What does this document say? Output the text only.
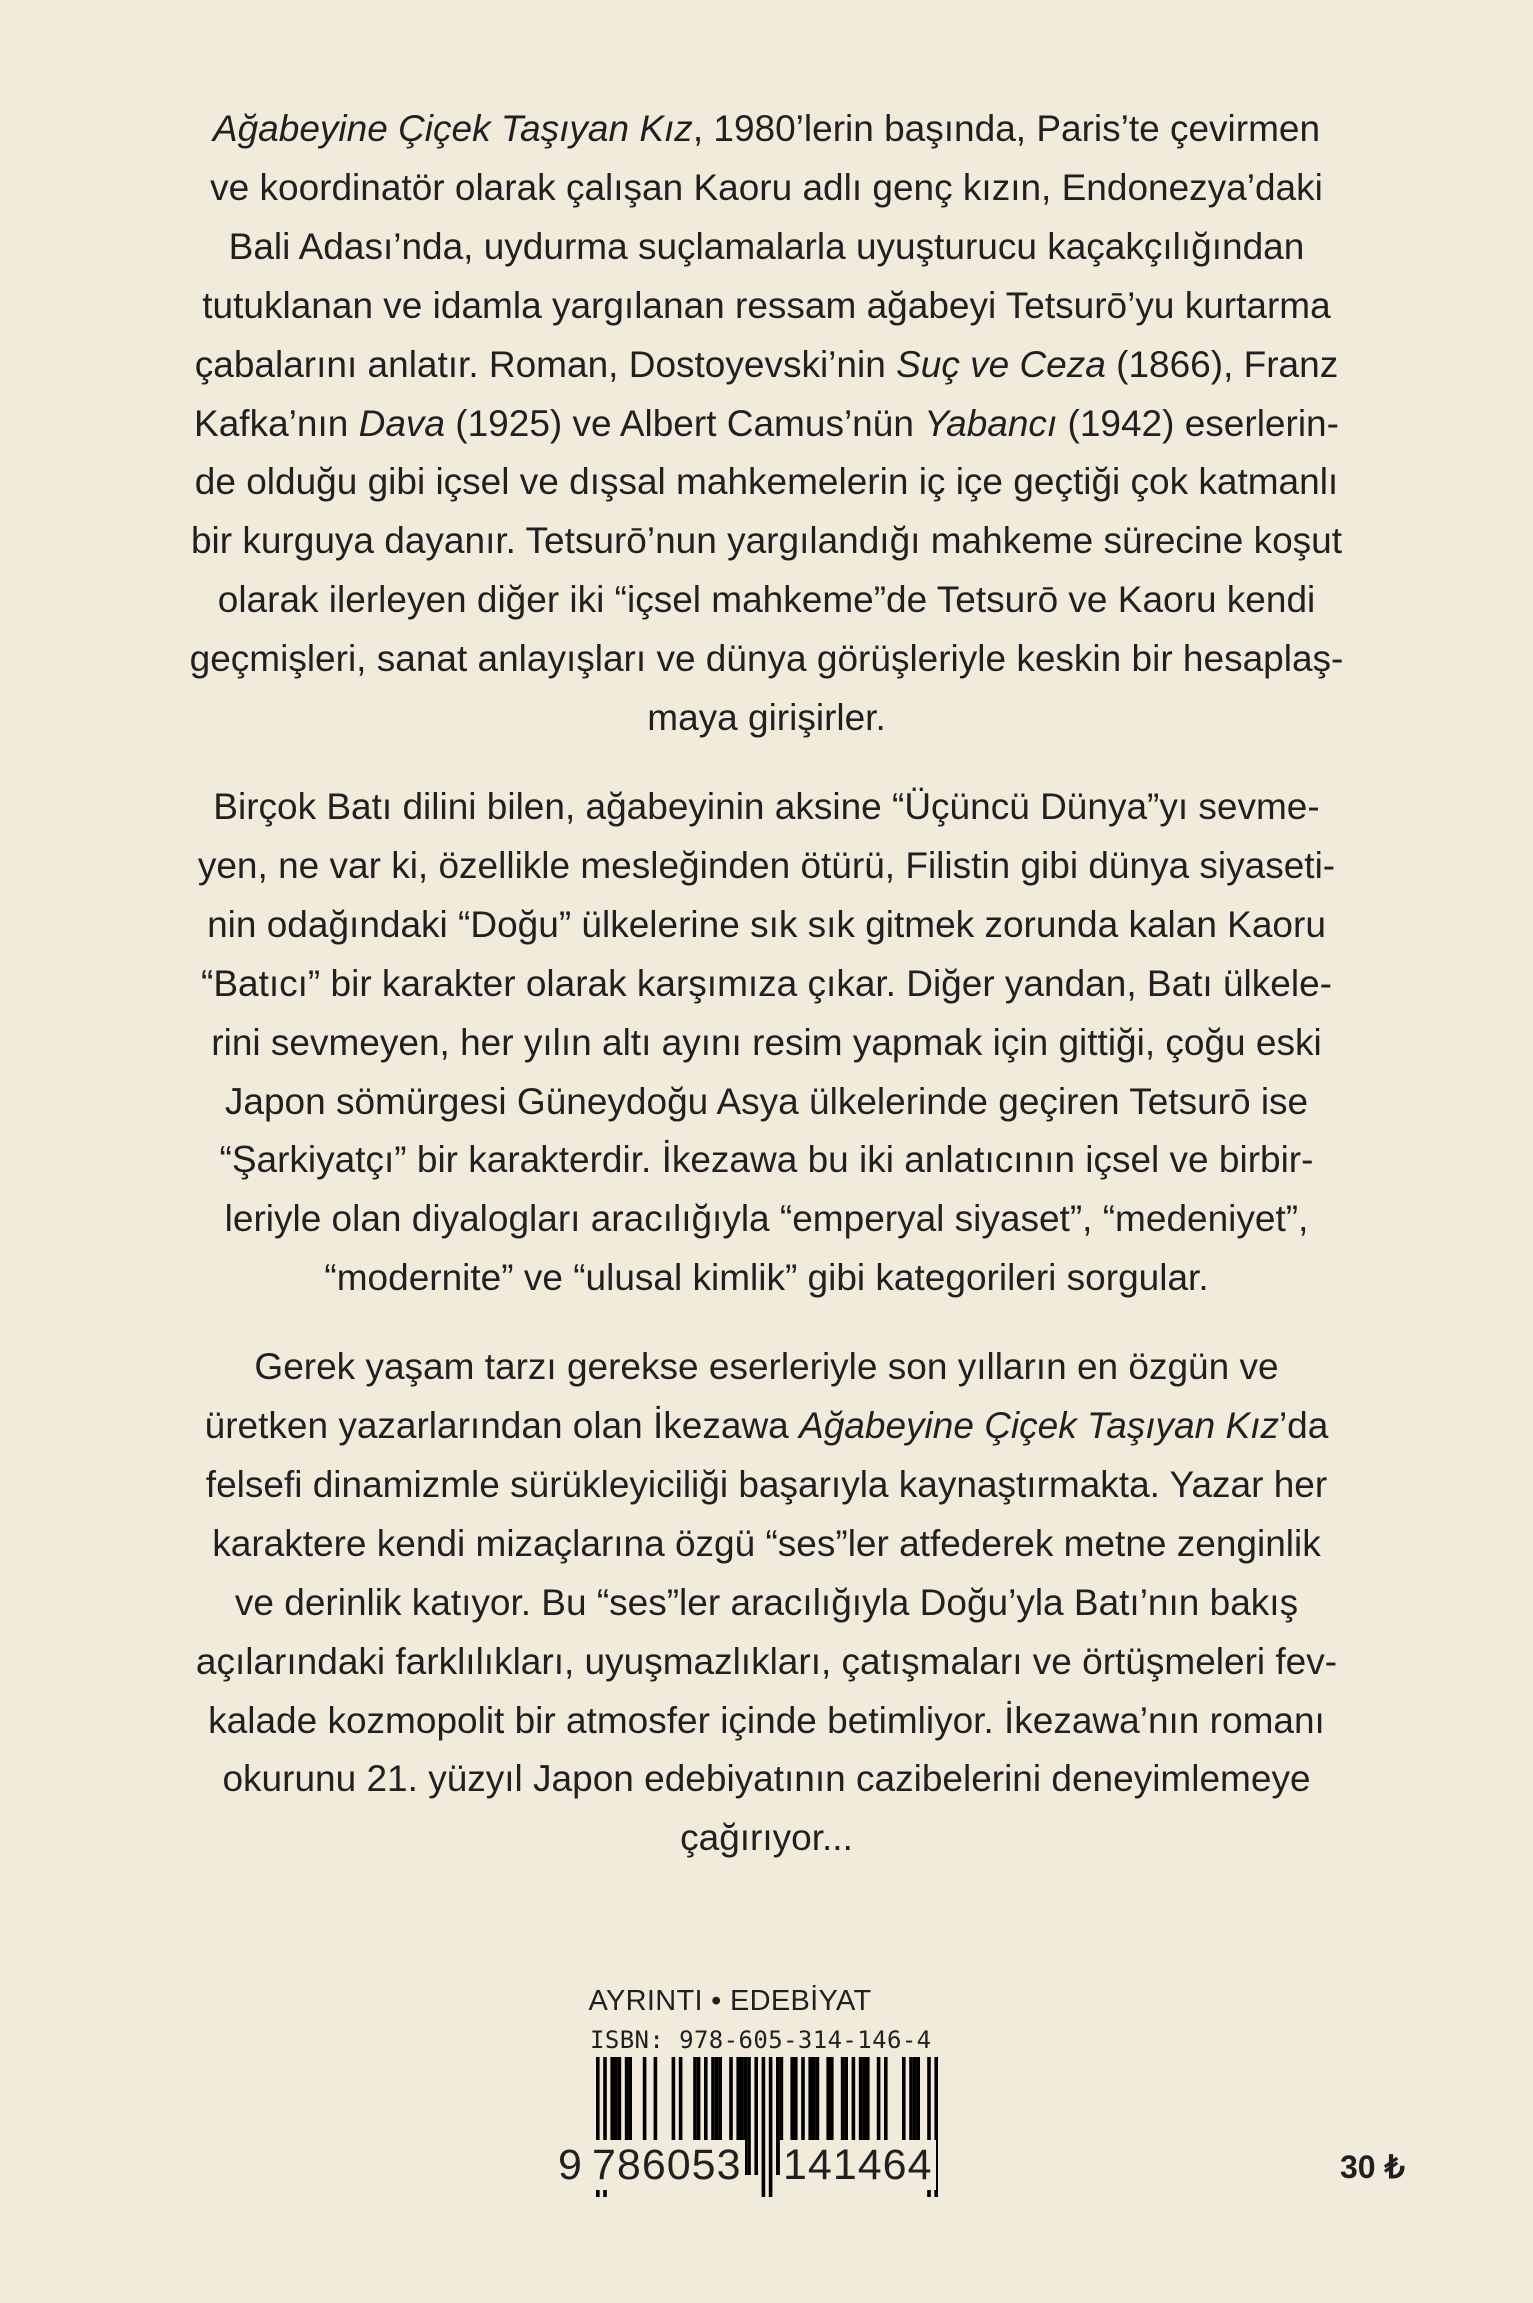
Ağabeyine Çiçek Taşıyan Kız, 1980’lerin başında, Paris’te çevirmen
ve koordinatör olarak çalışan Kaoru adlı genç kızın, Endonezya’daki
Bali Adası’nda, uydurma suçlamalarla uyuşturucu kaçakçılığından
tutuklanan ve idamla yargılanan ressam ağabeyi Tetsurō’yu kurtarma
çabalarını anlatır. Roman, Dostoyevski’nin Suç ve Ceza (1866), Franz
Kafka’nın Dava (1925) ve Albert Camus’nün Yabancı (1942) eserlerin-
de olduğu gibi içsel ve dışsal mahkemelerin iç içe geçtiği çok katmanlı
bir kurguya dayanır. Tetsurō’nun yargılandığı mahkeme sürecine koşut
olarak ilerleyen diğer iki “içsel mahkeme”de Tetsurō ve Kaoru kendi
geçmişleri, sanat anlayışları ve dünya görüşleriyle keskin bir hesaplaş-
maya girişirler.

Birçok Batı dilini bilen, ağabeyinin aksine “Üçüncü Dünya”yı sevme-
yen, ne var ki, özellikle mesleğinden ötürü, Filistin gibi dünya siyaseti-
nin odağındaki “Doğu” ülkelerine sık sık gitmek zorunda kalan Kaoru
“Batıcı” bir karakter olarak karşımıza çıkar. Diğer yandan, Batı ülkele-
rini sevmeyen, her yılın altı ayını resim yapmak için gittiği, çoğu eski
Japon sömürgesi Güneydoğu Asya ülkelerinde geçiren Tetsurō ise
“Şarkiyatçı” bir karakterdir. İkezawa bu iki anlatıcının içsel ve birbir-
leriyle olan diyalogları aracılığıyla “emperyal siyaset”, “medeniyet”,
“modernite” ve “ulusal kimlik” gibi kategorileri sorgular.

Gerek yaşam tarzı gerekse eserleriyle son yılların en özgün ve
üretken yazarlarından olan İkezawa Ağabeyine Çiçek Taşıyan Kız’da
felsefi dinamizmle sürükleyiciliği başarıyla kaynaştırmakta. Yazar her
karaktere kendi mizaçlarına özgü “ses”ler atfederek metne zenginlik
ve derinlik katıyor. Bu “ses”ler aracılığıyla Doğu’yla Batı’nın bakış
açılarındaki farklılıkları, uyuşmazlıkları, çatışmaları ve örtüşmeleri fev-
kalade kozmopolit bir atmosfer içinde betimliyor. İkezawa’nın romanı
okurunu 21. yüzyıl Japon edebiyatının cazibelerini deneyimlemeye
çağırıyor...

AYRINTI • EDEBİYAT
ISBN: 978-605-314-146-4
9 786053 141464	30 ₺
